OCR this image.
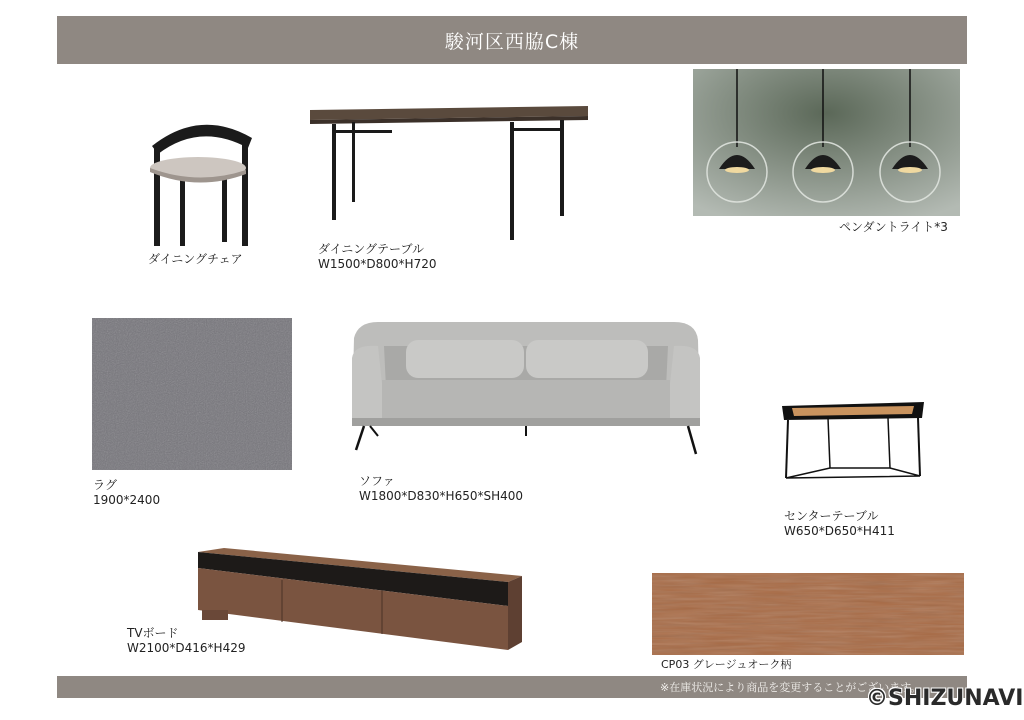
駿河区西脇C棟
ダイニングチェア
ダイニングテーブル
W1500*D800*H720
ペンダントライト*3
ラグ
1900*2400
ソファ
W1800*D830*H650*SH400
センターテーブル
W650*D650*H411
TVボード
W2100*D416*H429
CP03 グレージュオーク柄
※在庫状況により商品を変更することがございます。
©SHIZUNAVI
